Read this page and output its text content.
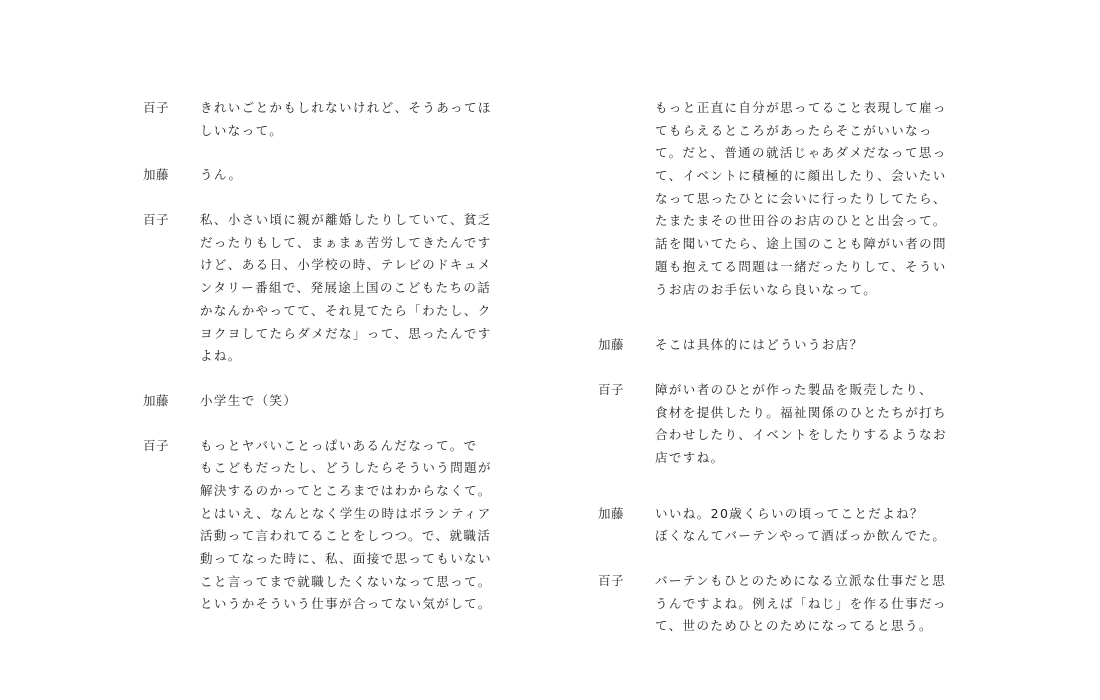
百子	きれいごとかもしれないけれど、そうあってほ
しいなって。
加藤	うん。
百子	私、小さい頃に親が離婚したりしていて、貧乏
だったりもして、まぁまぁ苦労してきたんです
けど、ある日、小学校の時、テレビのドキュメ
ンタリー番組で、発展途上国のこどもたちの話
かなんかやってて、それ見てたら「わたし、ク
ヨクヨしてたらダメだな」って、思ったんです
よね。
加藤	小学生で（笑）
百子	もっとヤバいことっぱいあるんだなって。で
もこどもだったし、どうしたらそういう問題が
解決するのかってところまではわからなくて。
とはいえ、なんとなく学生の時はボランティア
活動って言われてることをしつつ。で、就職活
動ってなった時に、私、面接で思ってもいない
こと言ってまで就職したくないなって思って。
というかそういう仕事が合ってない気がして。
もっと正直に自分が思ってること表現して雇っ
てもらえるところがあったらそこがいいなっ
て。だと、普通の就活じゃあダメだなって思っ
て、イベントに積極的に顔出したり、会いたい
なって思ったひとに会いに行ったりしてたら、
たまたまその世田谷のお店のひとと出会って。
話を聞いてたら、途上国のことも障がい者の問
題も抱えてる問題は一緒だったりして、そうい
うお店のお手伝いなら良いなって。
加藤	そこは具体的にはどういうお店？
百子	障がい者のひとが作った製品を販売したり、
食材を提供したり。福祉関係のひとたちが打ち
合わせしたり、イベントをしたりするようなお
店ですね。
加藤	いいね。20歳くらいの頃ってことだよね？
ぼくなんてバーテンやって酒ばっか飲んでた。
百子	バーテンもひとのためになる立派な仕事だと思
うんですよね。例えば「ねじ」を作る仕事だっ
て、世のためひとのためになってると思う。
